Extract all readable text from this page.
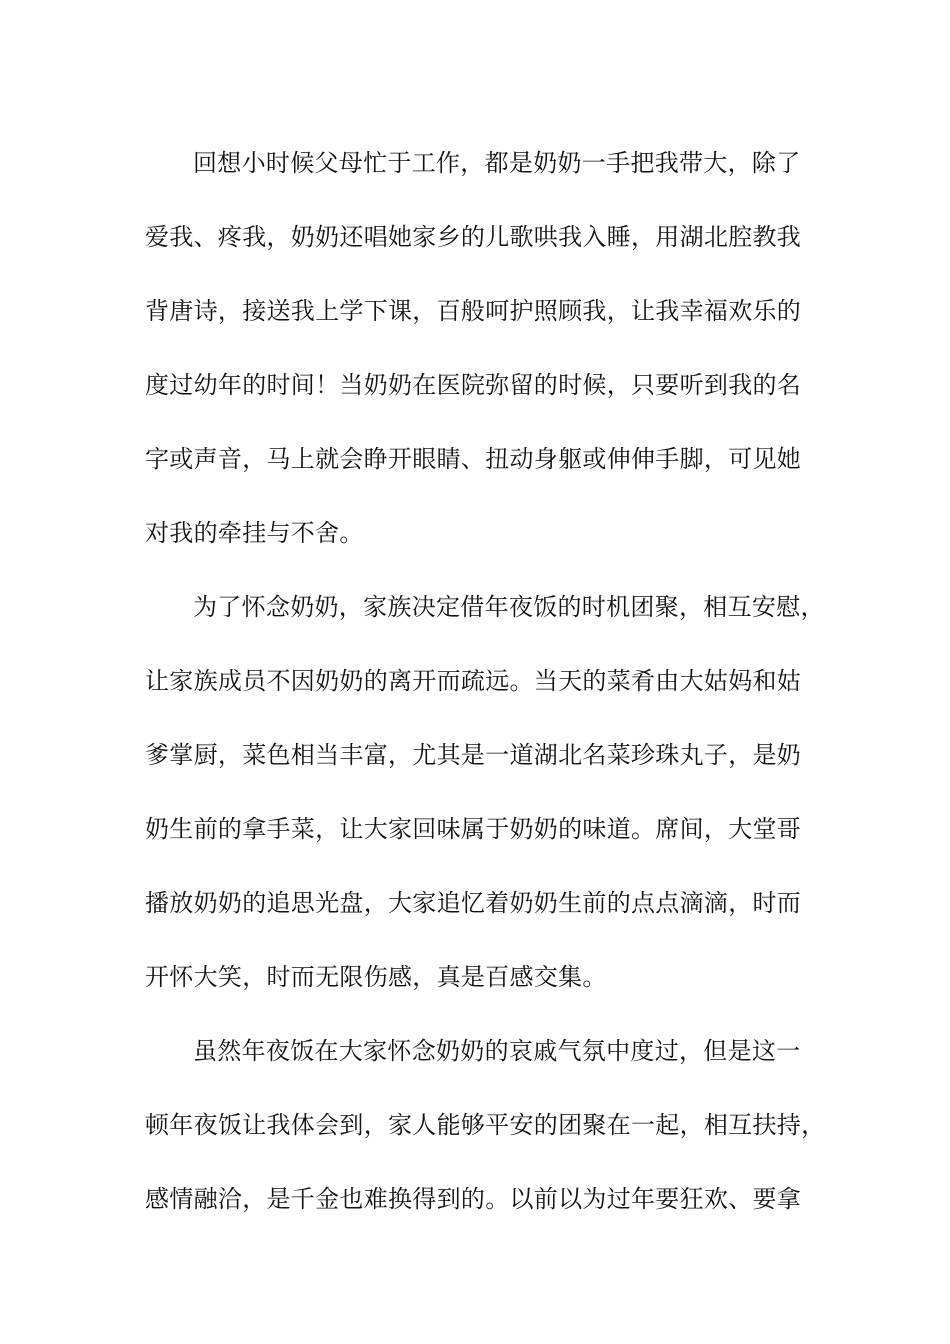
回想小时候父母忙于工作，都是奶奶一手把我带大，除了
爱我、疼我，奶奶还唱她家乡的儿歌哄我入睡，用湖北腔教我
背唐诗，接送我上学下课，百般呵护照顾我，让我幸福欢乐的
度过幼年的时间！当奶奶在医院弥留的时候，只要听到我的名
字或声音，马上就会睁开眼睛、扭动身躯或伸伸手脚，可见她
对我的牵挂与不舍。
为了怀念奶奶，家族决定借年夜饭的时机团聚，相互安慰，
让家族成员不因奶奶的离开而疏远。当天的菜肴由大姑妈和姑
爹掌厨，菜色相当丰富，尤其是一道湖北名菜珍珠丸子，是奶
奶生前的拿手菜，让大家回味属于奶奶的味道。席间，大堂哥
播放奶奶的追思光盘，大家追忆着奶奶生前的点点滴滴，时而
开怀大笑，时而无限伤感，真是百感交集。
虽然年夜饭在大家怀念奶奶的哀戚气氛中度过，但是这一
顿年夜饭让我体会到，家人能够平安的团聚在一起，相互扶持，
感情融洽，是千金也难换得到的。以前以为过年要狂欢、要拿
